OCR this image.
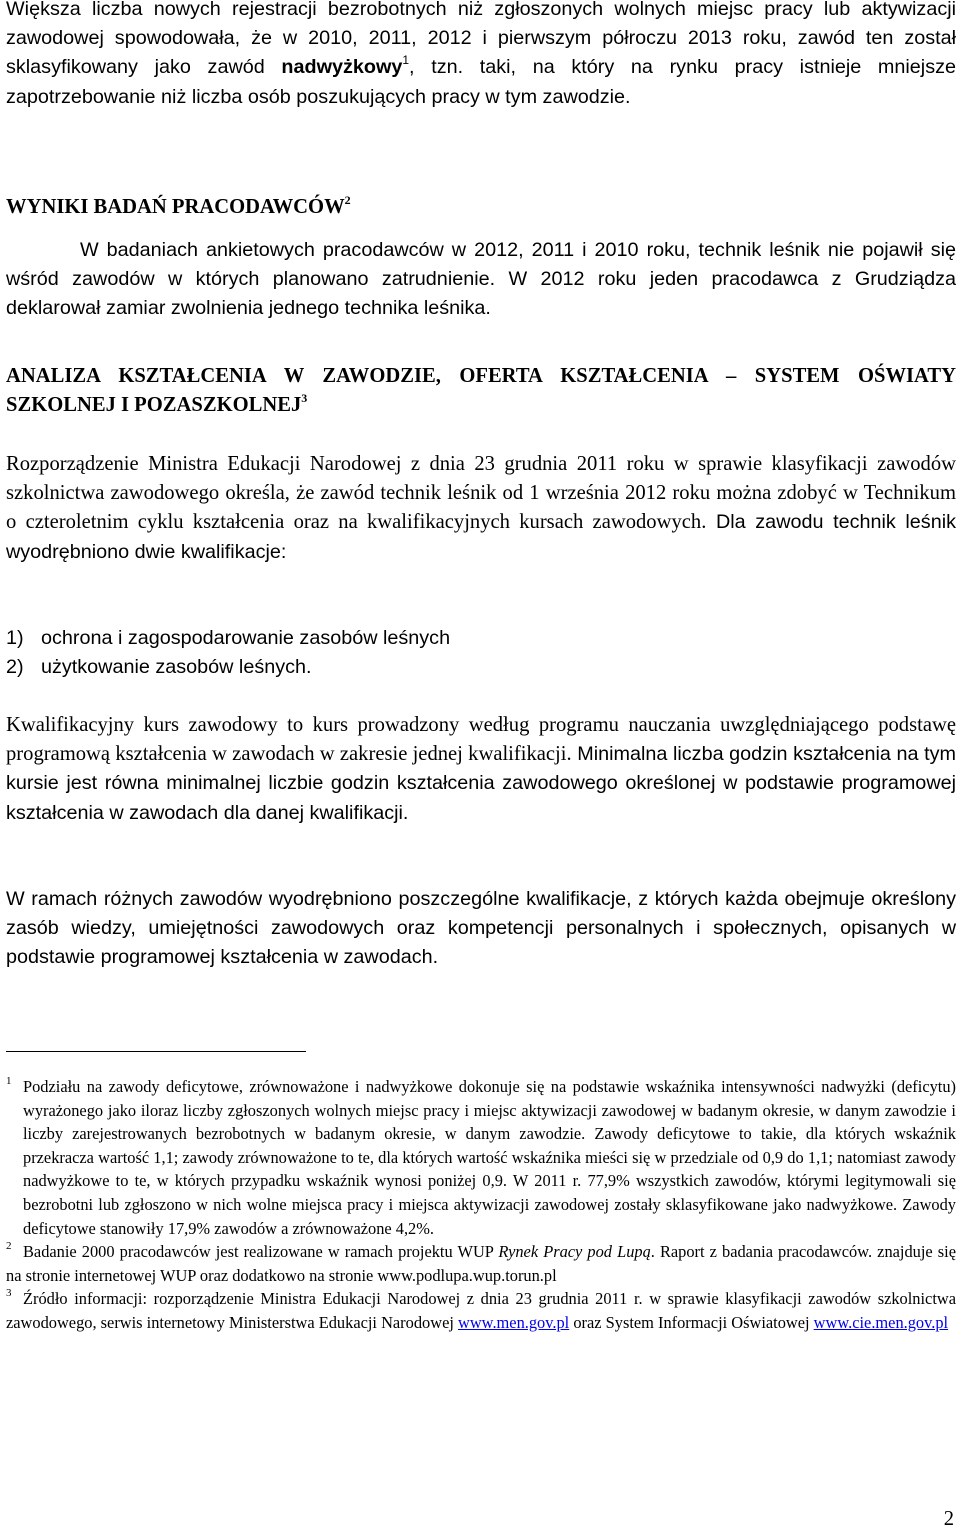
Większa liczba nowych rejestracji bezrobotnych niż zgłoszonych wolnych miejsc pracy lub aktywizacji zawodowej spowodowała, że w 2010, 2011, 2012 i pierwszym półroczu 2013 roku, zawód ten został sklasyfikowany jako zawód nadwyżkowy$^1$, tzn. taki, na który na rynku pracy istnieje mniejsze zapotrzebowanie niż liczba osób poszukujących pracy w tym zawodzie.

WYNIKI BADAŃ PRACODAWCÓW$^2$

W badaniach ankietowych pracodawców w 2012, 2011 i 2010 roku, technik leśnik nie pojawił się wśród zawodów w których planowano zatrudnienie. W 2012 roku jeden pracodawca z Grudziądza deklarował zamiar zwolnienia jednego technika leśnika.

ANALIZA KSZTAŁCENIA W ZAWODZIE, OFERTA KSZTAŁCENIA – SYSTEM OŚWIATY SZKOLNEJ I POZASZKOLNEJ$^3$

Rozporządzenie Ministra Edukacji Narodowej z dnia 23 grudnia 2011 roku w sprawie klasyfikacji zawodów szkolnictwa zawodowego określa, że zawód technik leśnik od 1 września 2012 roku można zdobyć w Technikum o czteroletnim cyklu kształcenia oraz na kwalifikacyjnych kursach zawodowych. Dla zawodu technik leśnik wyodrębniono dwie kwalifikacje:

1) ochrona i zagospodarowanie zasobów leśnych
2) użytkowanie zasobów leśnych.

Kwalifikacyjny kurs zawodowy to kurs prowadzony według programu nauczania uwzględniającego podstawę programową kształcenia w zawodach w zakresie jednej kwalifikacji. Minimalna liczba godzin kształcenia na tym kursie jest równa minimalnej liczbie godzin kształcenia zawodowego określonej w podstawie programowej kształcenia w zawodach dla danej kwalifikacji.

W ramach różnych zawodów wyodrębniono poszczególne kwalifikacje, z których każda obejmuje określony zasób wiedzy, umiejętności zawodowych oraz kompetencji personalnych i społecznych, opisanych w podstawie programowej kształcenia w zawodach.

1 Podziału na zawody deficytowe, zrównoważone i nadwyżkowe dokonuje się na podstawie wskaźnika intensywności nadwyżki (deficytu) wyrażonego jako iloraz liczby zgłoszonych wolnych miejsc pracy i miejsc aktywizacji zawodowej w badanym okresie, w danym zawodzie i liczby zarejestrowanych bezrobotnych w badanym okresie, w danym zawodzie. Zawody deficytowe to takie, dla których wskaźnik przekracza wartość 1,1; zawody zrównoważone to te, dla których wartość wskaźnika mieści się w przedziale od 0,9 do 1,1; natomiast zawody nadwyżkowe to te, w których przypadku wskaźnik wynosi poniżej 0,9. W 2011 r. 77,9% wszystkich zawodów, którymi legitymowali się bezrobotni lub zgłoszono w nich wolne miejsca pracy i miejsca aktywizacji zawodowej zostały sklasyfikowane jako nadwyżkowe. Zawody deficytowe stanowiły 17,9% zawodów a zrównoważone 4,2%.
2 Badanie 2000 pracodawców jest realizowane w ramach projektu WUP Rynek Pracy pod Lupą. Raport z badania pracodawców. znajduje się na stronie internetowej WUP oraz dodatkowo na stronie www.podlupa.wup.torun.pl
3 Źródło informacji: rozporządzenie Ministra Edukacji Narodowej z dnia 23 grudnia 2011 r. w sprawie klasyfikacji zawodów szkolnictwa zawodowego, serwis internetowy Ministerstwa Edukacji Narodowej www.men.gov.pl oraz System Informacji Oświatowej www.cie.men.gov.pl
2
